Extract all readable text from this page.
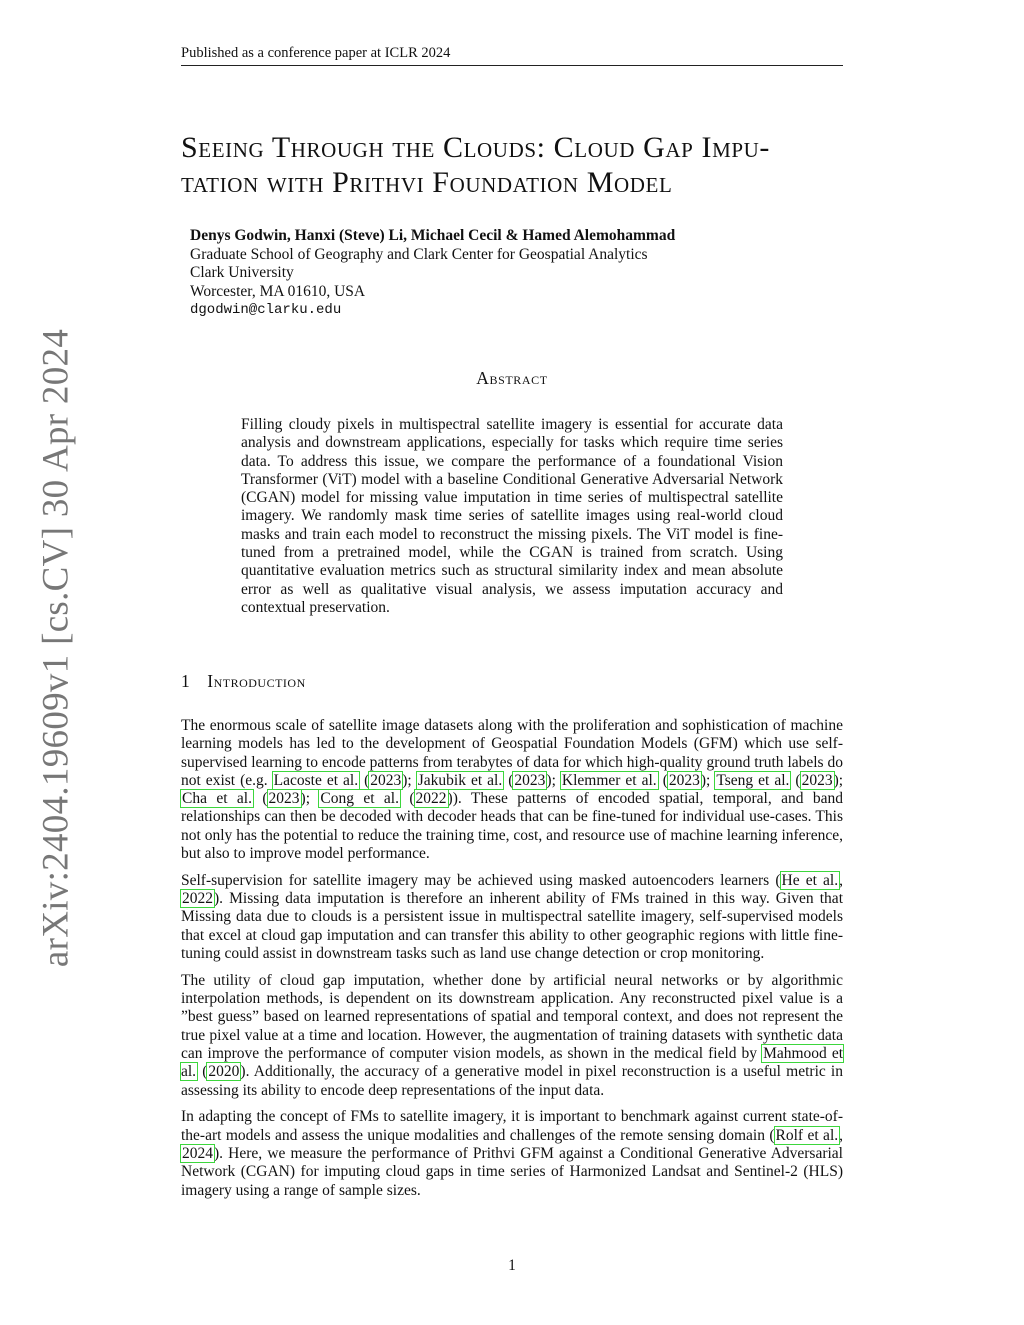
Published as a conference paper at ICLR 2024
arXiv:2404.19609v1 [cs.CV] 30 Apr 2024
Seeing Through the Clouds: Cloud Gap Impu-
tation with Prithvi Foundation Model
Denys Godwin, Hanxi (Steve) Li, Michael Cecil & Hamed Alemohammad
Graduate School of Geography and Clark Center for Geospatial Analytics
Clark University
Worcester, MA 01610, USA
dgodwin@clarku.edu
Abstract
Filling cloudy pixels in multispectral satellite imagery is essential for accurate data analysis and downstream applications, especially for tasks which require time series data. To address this issue, we compare the performance of a foundational Vision Transformer (ViT) model with a baseline Conditional Generative Adversarial Network (CGAN) model for missing value imputation in time series of multispectral satellite imagery. We randomly mask time series of satellite images using real-world cloud masks and train each model to reconstruct the missing pixels. The ViT model is fine-tuned from a pretrained model, while the CGAN is trained from scratch. Using quantitative evaluation metrics such as structural similarity index and mean absolute error as well as qualitative visual analysis, we assess imputation accuracy and contextual preservation.
1 Introduction

The enormous scale of satellite image datasets along with the proliferation and sophistication of machine learning models has led to the development of Geospatial Foundation Models (GFM) which use self-supervised learning to encode patterns from terabytes of data for which high-quality ground truth labels do not exist (e.g. Lacoste et al. (2023); Jakubik et al. (2023); Klemmer et al. (2023); Tseng et al. (2023); Cha et al. (2023); Cong et al. (2022)). These patterns of encoded spatial, temporal, and band relationships can then be decoded with decoder heads that can be fine-tuned for individual use-cases. This not only has the potential to reduce the training time, cost, and resource use of machine learning inference, but also to improve model performance.

Self-supervision for satellite imagery may be achieved using masked autoencoders learners (He et al., 2022). Missing data imputation is therefore an inherent ability of FMs trained in this way. Given that Missing data due to clouds is a persistent issue in multispectral satellite imagery, self-supervised models that excel at cloud gap imputation and can transfer this ability to other geographic regions with little fine-tuning could assist in downstream tasks such as land use change detection or crop monitoring.

The utility of cloud gap imputation, whether done by artificial neural networks or by algorithmic interpolation methods, is dependent on its downstream application. Any reconstructed pixel value is a ”best guess” based on learned representations of spatial and temporal context, and does not represent the true pixel value at a time and location. However, the augmentation of training datasets with synthetic data can improve the performance of computer vision models, as shown in the medical field by Mahmood et al. (2020). Additionally, the accuracy of a generative model in pixel reconstruction is a useful metric in assessing its ability to encode deep representations of the input data.

In adapting the concept of FMs to satellite imagery, it is important to benchmark against current state-of-the-art models and assess the unique modalities and challenges of the remote sensing domain (Rolf et al., 2024). Here, we measure the performance of Prithvi GFM against a Conditional Generative Adversarial Network (CGAN) for imputing cloud gaps in time series of Harmonized Landsat and Sentinel-2 (HLS) imagery using a range of sample sizes.

1
